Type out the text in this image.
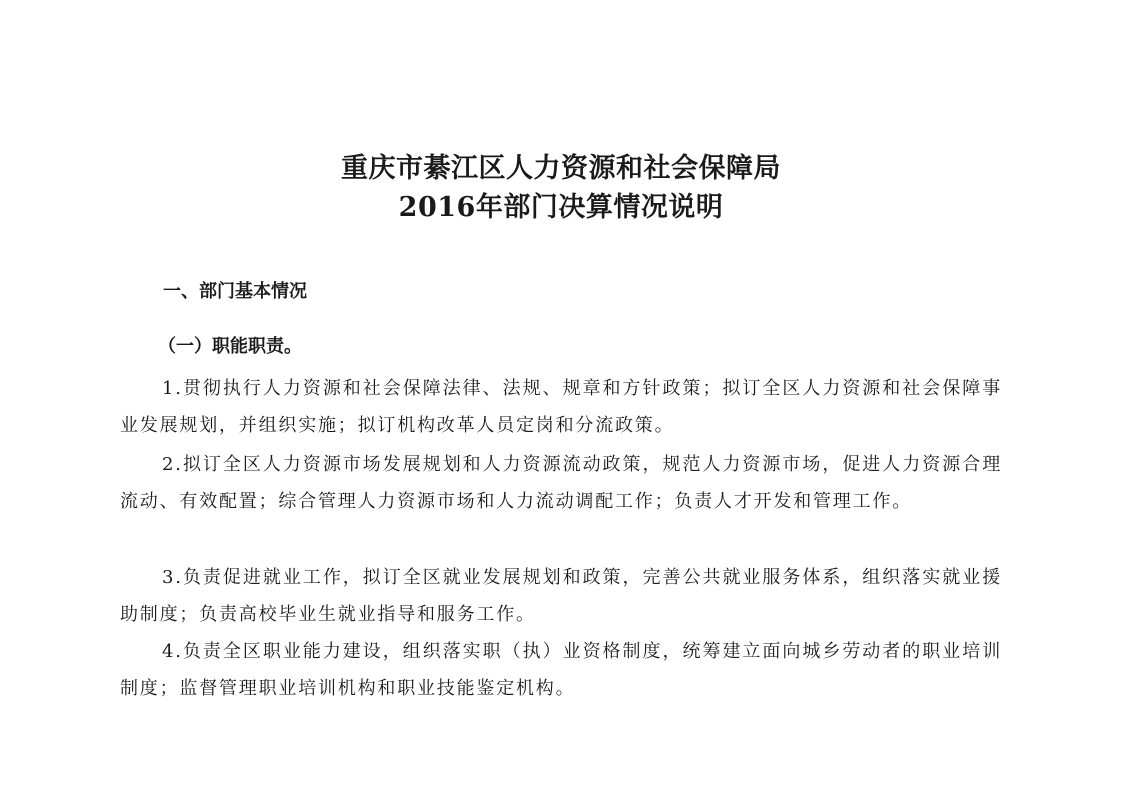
重庆市綦江区人力资源和社会保障局
2016年部门决算情况说明
一、部门基本情况
（一）职能职责。
1.贯彻执行人力资源和社会保障法律、法规、规章和方针政策；拟订全区人力资源和社会保障事业发展规划，并组织实施；拟订机构改革人员定岗和分流政策。
2.拟订全区人力资源市场发展规划和人力资源流动政策，规范人力资源市场，促进人力资源合理流动、有效配置；综合管理人力资源市场和人力流动调配工作；负责人才开发和管理工作。
3.负责促进就业工作，拟订全区就业发展规划和政策，完善公共就业服务体系，组织落实就业援助制度；负责高校毕业生就业指导和服务工作。
4.负责全区职业能力建设，组织落实职（执）业资格制度，统筹建立面向城乡劳动者的职业培训制度；监督管理职业培训机构和职业技能鉴定机构。
